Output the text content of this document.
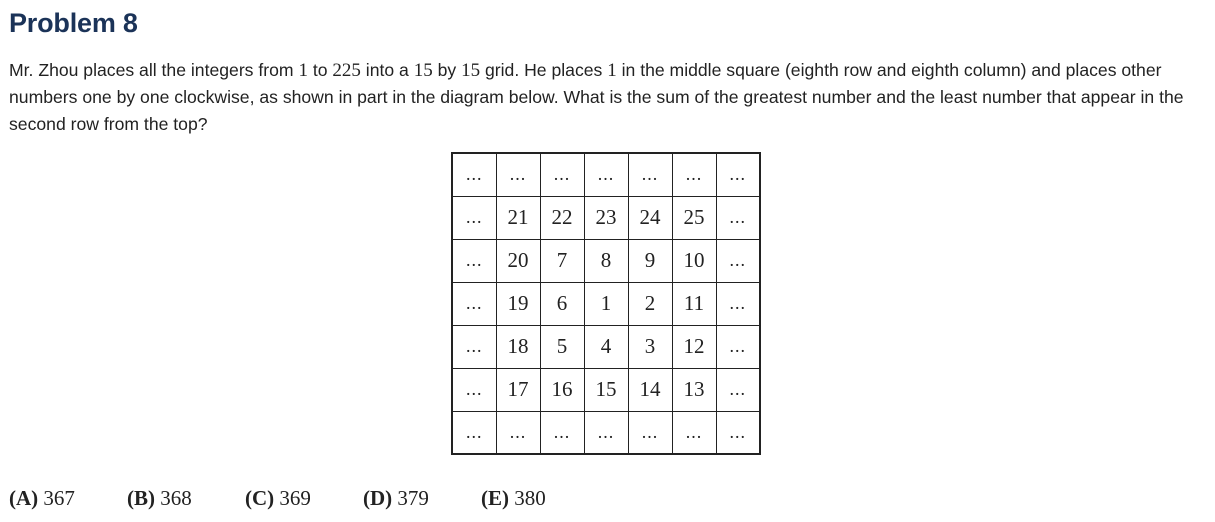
Problem 8
Mr. Zhou places all the integers from 1 to 225 into a 15 by 15 grid. He places 1 in the middle square (eighth row and eighth column) and places other numbers one by one clockwise, as shown in part in the diagram below. What is the sum of the greatest number and the least number that appear in the second row from the top?
...	...	...	...	...	...	...
...	21	22	23	24	25	...
...	20	7	8	9	10	...
...	19	6	1	2	11	...
...	18	5	4	3	12	...
...	17	16	15	14	13	...
...	...	...	...	...	...	...
(A) 367 (B) 368	(C) 369 (D) 379 (E) 380
